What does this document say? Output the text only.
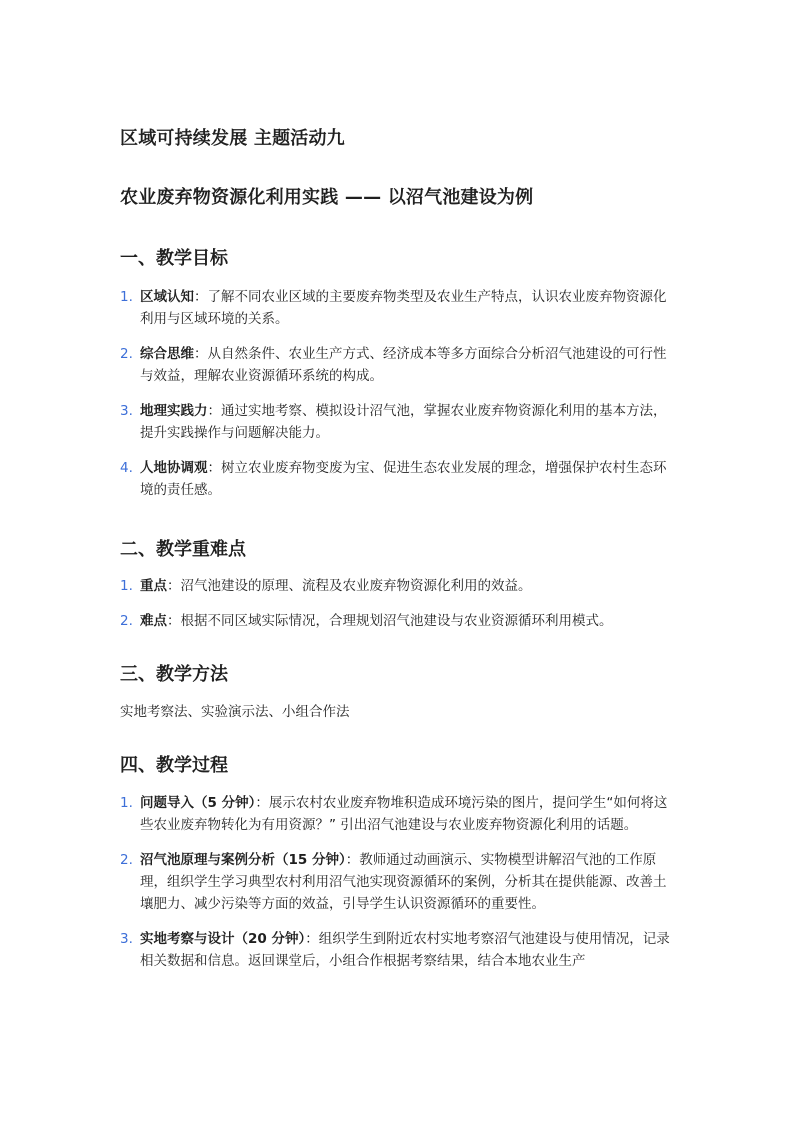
区域可持续发展 主题活动九
农业废弃物资源化利用实践 —— 以沼气池建设为例
一、教学目标
1. 区域认知：了解不同农业区域的主要废弃物类型及农业生产特点，认识农业废弃物资源化利用与区域环境的关系。
2. 综合思维：从自然条件、农业生产方式、经济成本等多方面综合分析沼气池建设的可行性与效益，理解农业资源循环系统的构成。
3. 地理实践力：通过实地考察、模拟设计沼气池，掌握农业废弃物资源化利用的基本方法，提升实践操作与问题解决能力。
4. 人地协调观：树立农业废弃物变废为宝、促进生态农业发展的理念，增强保护农村生态环境的责任感。
二、教学重难点
1. 重点：沼气池建设的原理、流程及农业废弃物资源化利用的效益。
2. 难点：根据不同区域实际情况，合理规划沼气池建设与农业资源循环利用模式。
三、教学方法
实地考察法、实验演示法、小组合作法
四、教学过程
1. 问题导入（5 分钟）：展示农村农业废弃物堆积造成环境污染的图片，提问学生“如何将这些农业废弃物转化为有用资源？” 引出沼气池建设与农业废弃物资源化利用的话题。
2. 沼气池原理与案例分析（15 分钟）：教师通过动画演示、实物模型讲解沼气池的工作原理，组织学生学习典型农村利用沼气池实现资源循环的案例，分析其在提供能源、改善土壤肥力、减少污染等方面的效益，引导学生认识资源循环的重要性。
3. 实地考察与设计（20 分钟）：组织学生到附近农村实地考察沼气池建设与使用情况，记录相关数据和信息。返回课堂后，小组合作根据考察结果，结合本地农业生产
